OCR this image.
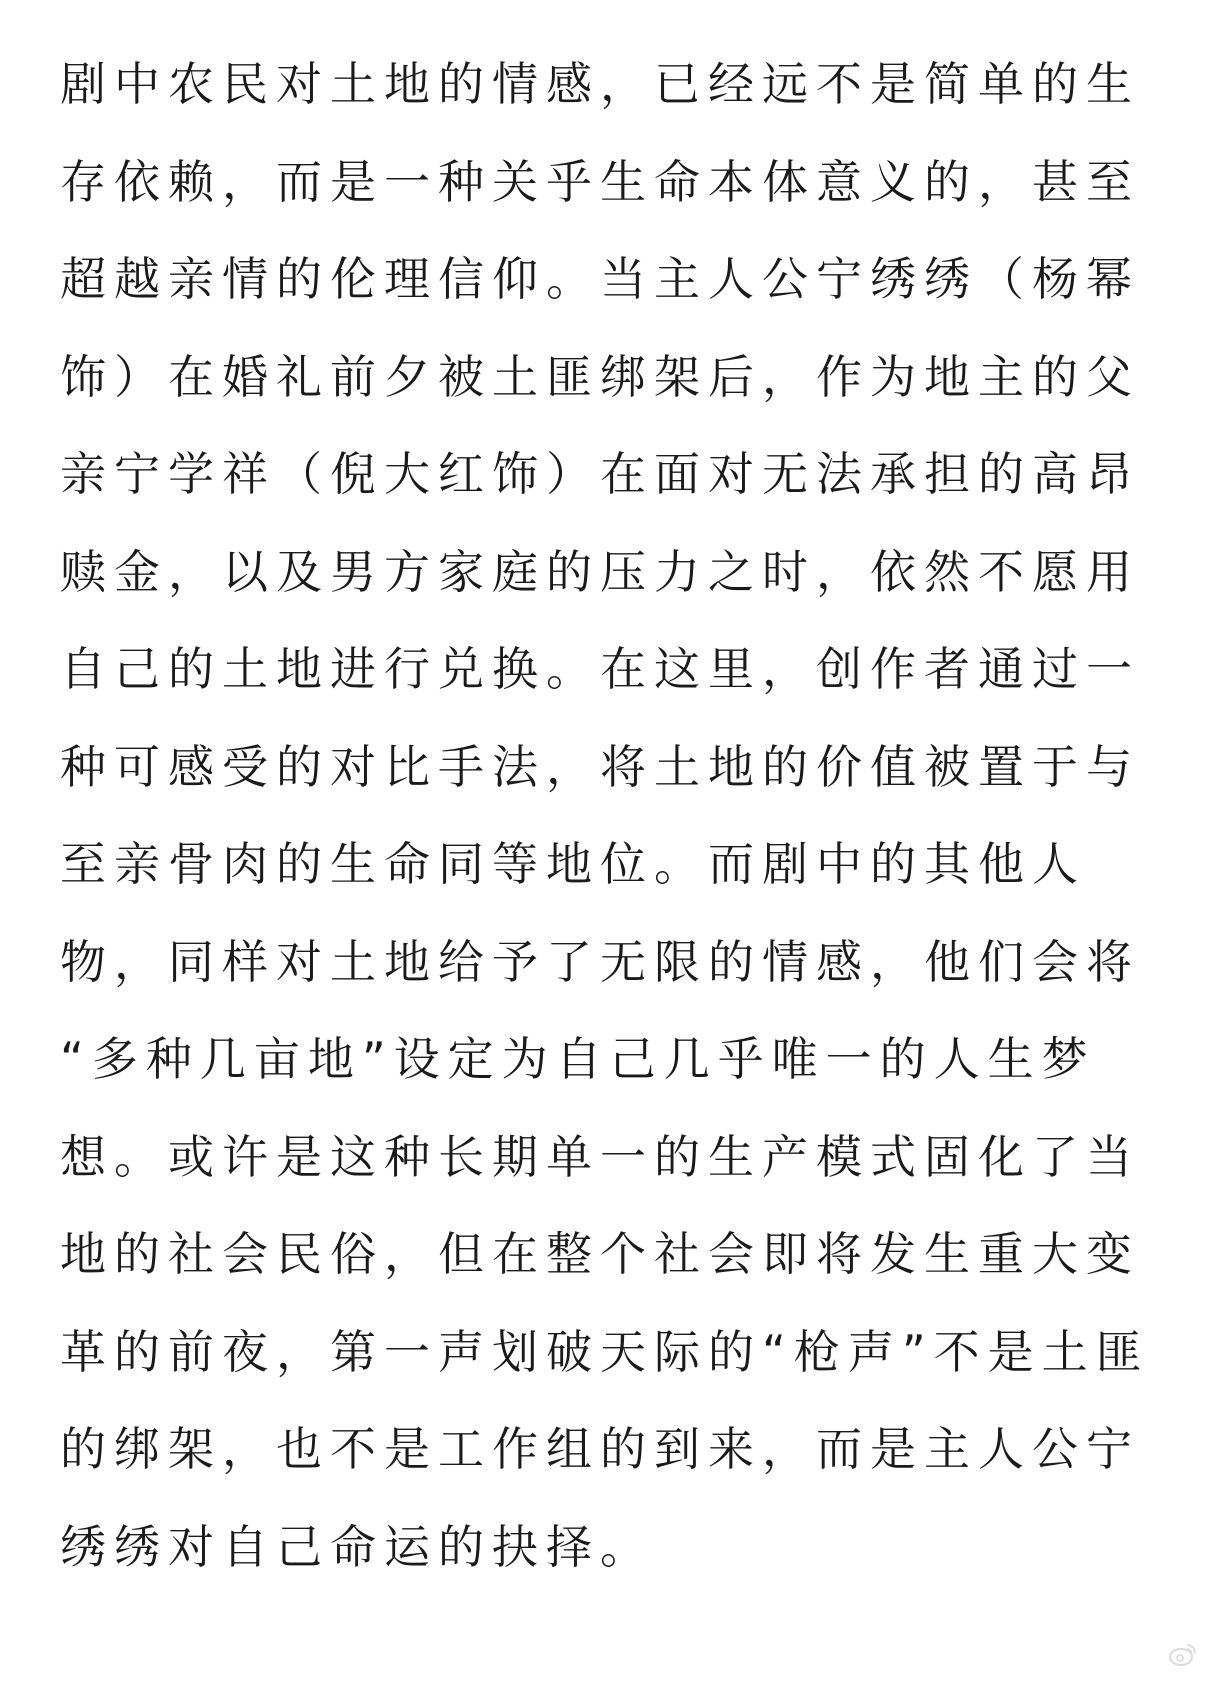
剧中农民对土地的情感，已经远不是简单的生

存依赖，而是一种关乎生命本体意义的，甚至

超越亲情的伦理信仰。当主人公宁绣绣（杨幂

饰）在婚礼前夕被土匪绑架后，作为地主的父

亲宁学祥（倪大红饰）在面对无法承担的高昂

赎金，以及男方家庭的压力之时，依然不愿用

自己的土地进行兑换。在这里，创作者通过一

种可感受的对比手法，将土地的价值被置于与

至亲骨肉的生命同等地位。而剧中的其他人

物，同样对土地给予了无限的情感，他们会将

“多种几亩地”设定为自己几乎唯一的人生梦

想。或许是这种长期单一的生产模式固化了当

地的社会民俗，但在整个社会即将发生重大变

革的前夜，第一声划破天际的“枪声”不是土匪

的绑架，也不是工作组的到来，而是主人公宁

绣绣对自己命运的抉择。
